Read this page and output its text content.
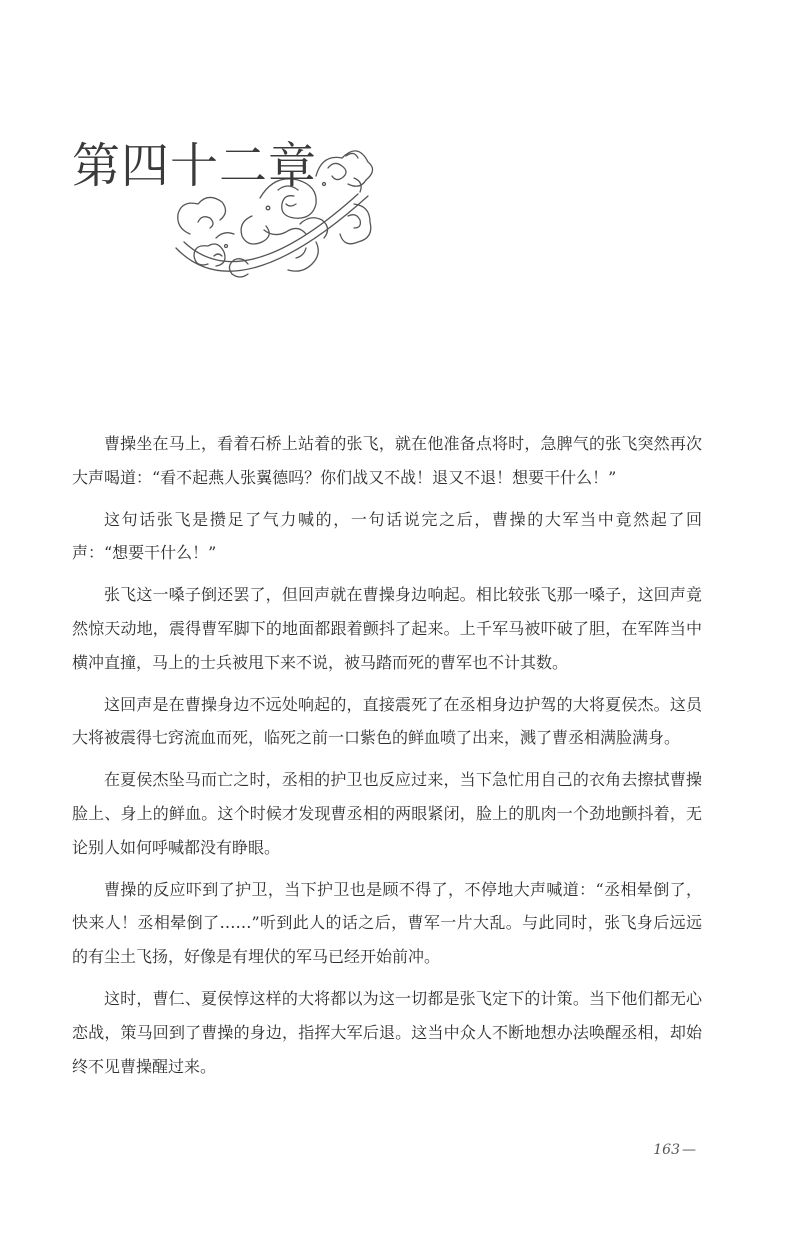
第四十二章

曹操坐在马上，看着石桥上站着的张飞，就在他准备点将时，急脾气的张飞突然再次大声喝道：“看不起燕人张翼德吗？你们战又不战！退又不退！想要干什么！”

这句话张飞是攒足了气力喊的，一句话说完之后，曹操的大军当中竟然起了回声：“想要干什么！”

张飞这一嗓子倒还罢了，但回声就在曹操身边响起。相比较张飞那一嗓子，这回声竟然惊天动地，震得曹军脚下的地面都跟着颤抖了起来。上千军马被吓破了胆，在军阵当中横冲直撞，马上的士兵被甩下来不说，被马踏而死的曹军也不计其数。

这回声是在曹操身边不远处响起的，直接震死了在丞相身边护驾的大将夏侯杰。这员大将被震得七窍流血而死，临死之前一口紫色的鲜血喷了出来，溅了曹丞相满脸满身。

在夏侯杰坠马而亡之时，丞相的护卫也反应过来，当下急忙用自己的衣角去擦拭曹操脸上、身上的鲜血。这个时候才发现曹丞相的两眼紧闭，脸上的肌肉一个劲地颤抖着，无论别人如何呼喊都没有睁眼。

曹操的反应吓到了护卫，当下护卫也是顾不得了，不停地大声喊道：“丞相晕倒了，快来人！丞相晕倒了……”听到此人的话之后，曹军一片大乱。与此同时，张飞身后远远的有尘土飞扬，好像是有埋伏的军马已经开始前冲。

这时，曹仁、夏侯惇这样的大将都以为这一切都是张飞定下的计策。当下他们都无心恋战，策马回到了曹操的身边，指挥大军后退。这当中众人不断地想办法唤醒丞相，却始终不见曹操醒过来。

163 —
